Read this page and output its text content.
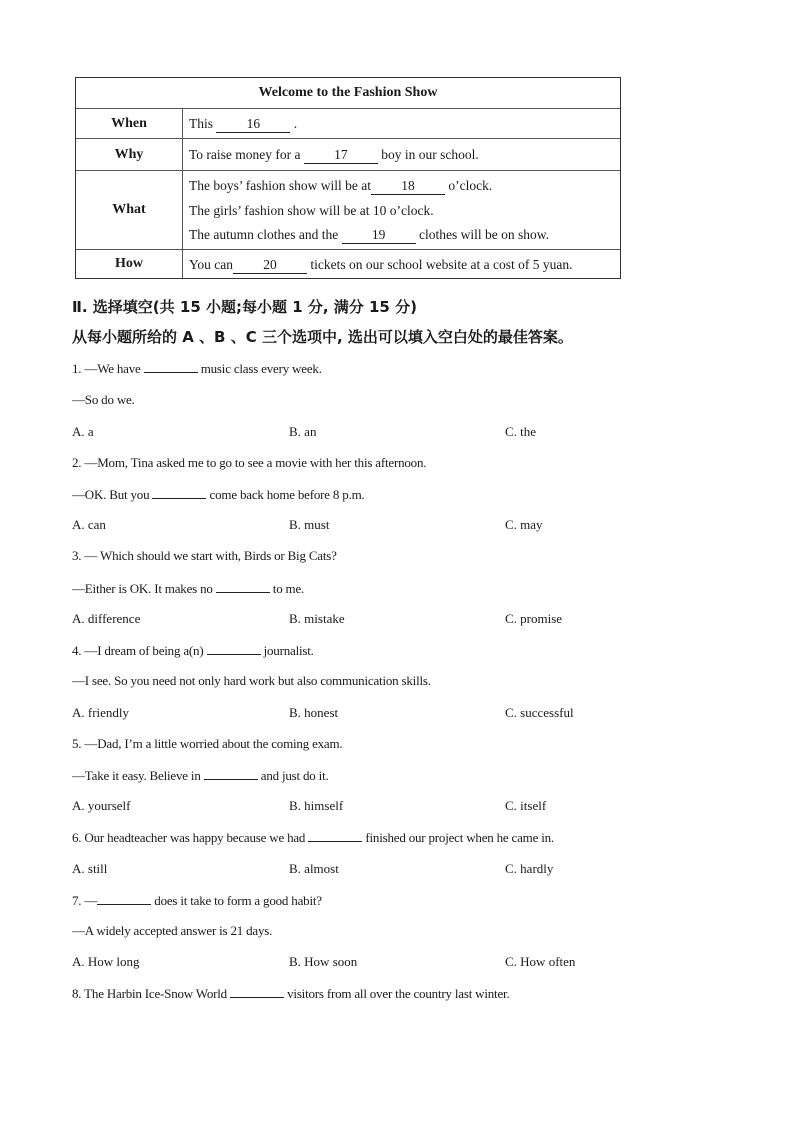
Welcome to the Fashion Show
When	This 16 .
Why	To raise money for a 17 boy in our school.
What
The boys’ fashion show will be at 18 o’clock.
The girls’ fashion show will be at 10 o’clock.
The autumn clothes and the 19 clothes will be on show.
How	You can 20 tickets on our school website at a cost of 5 yuan.
Ⅱ. 选择填空(共 15 小题;每小题 1 分, 满分 15 分)
从每小题所给的 A 、B 、C 三个选项中, 选出可以填入空白处的最佳答案。
1. —We have	music class every week.
—So do we.
A. a	B. an	C. the
2. —Mom, Tina asked me to go to see a movie with her this afternoon.
—OK. But you	come back home before 8 p.m.
A. can	B. must	C. may
3. — Which should we start with, Birds or Big Cats?
—Either is OK. It makes no	to me.
A. difference	B. mistake	C. promise
4. —I dream of being a(n)	journalist.
—I see. So you need not only hard work but also communication skills.
A. friendly	B. honest	C. successful
5. —Dad, I’m a little worried about the coming exam.
—Take it easy. Believe in	and just do it.
A. yourself	B. himself	C. itself
6. Our headteacher was happy because we had	finished our project when he came in.
A. still	B. almost	C. hardly
7. —	does it take to form a good habit?
—A widely accepted answer is 21 days.
A. How long	B. How soon	C. How often
8. The Harbin Ice-Snow World	visitors from all over the country last winter.
